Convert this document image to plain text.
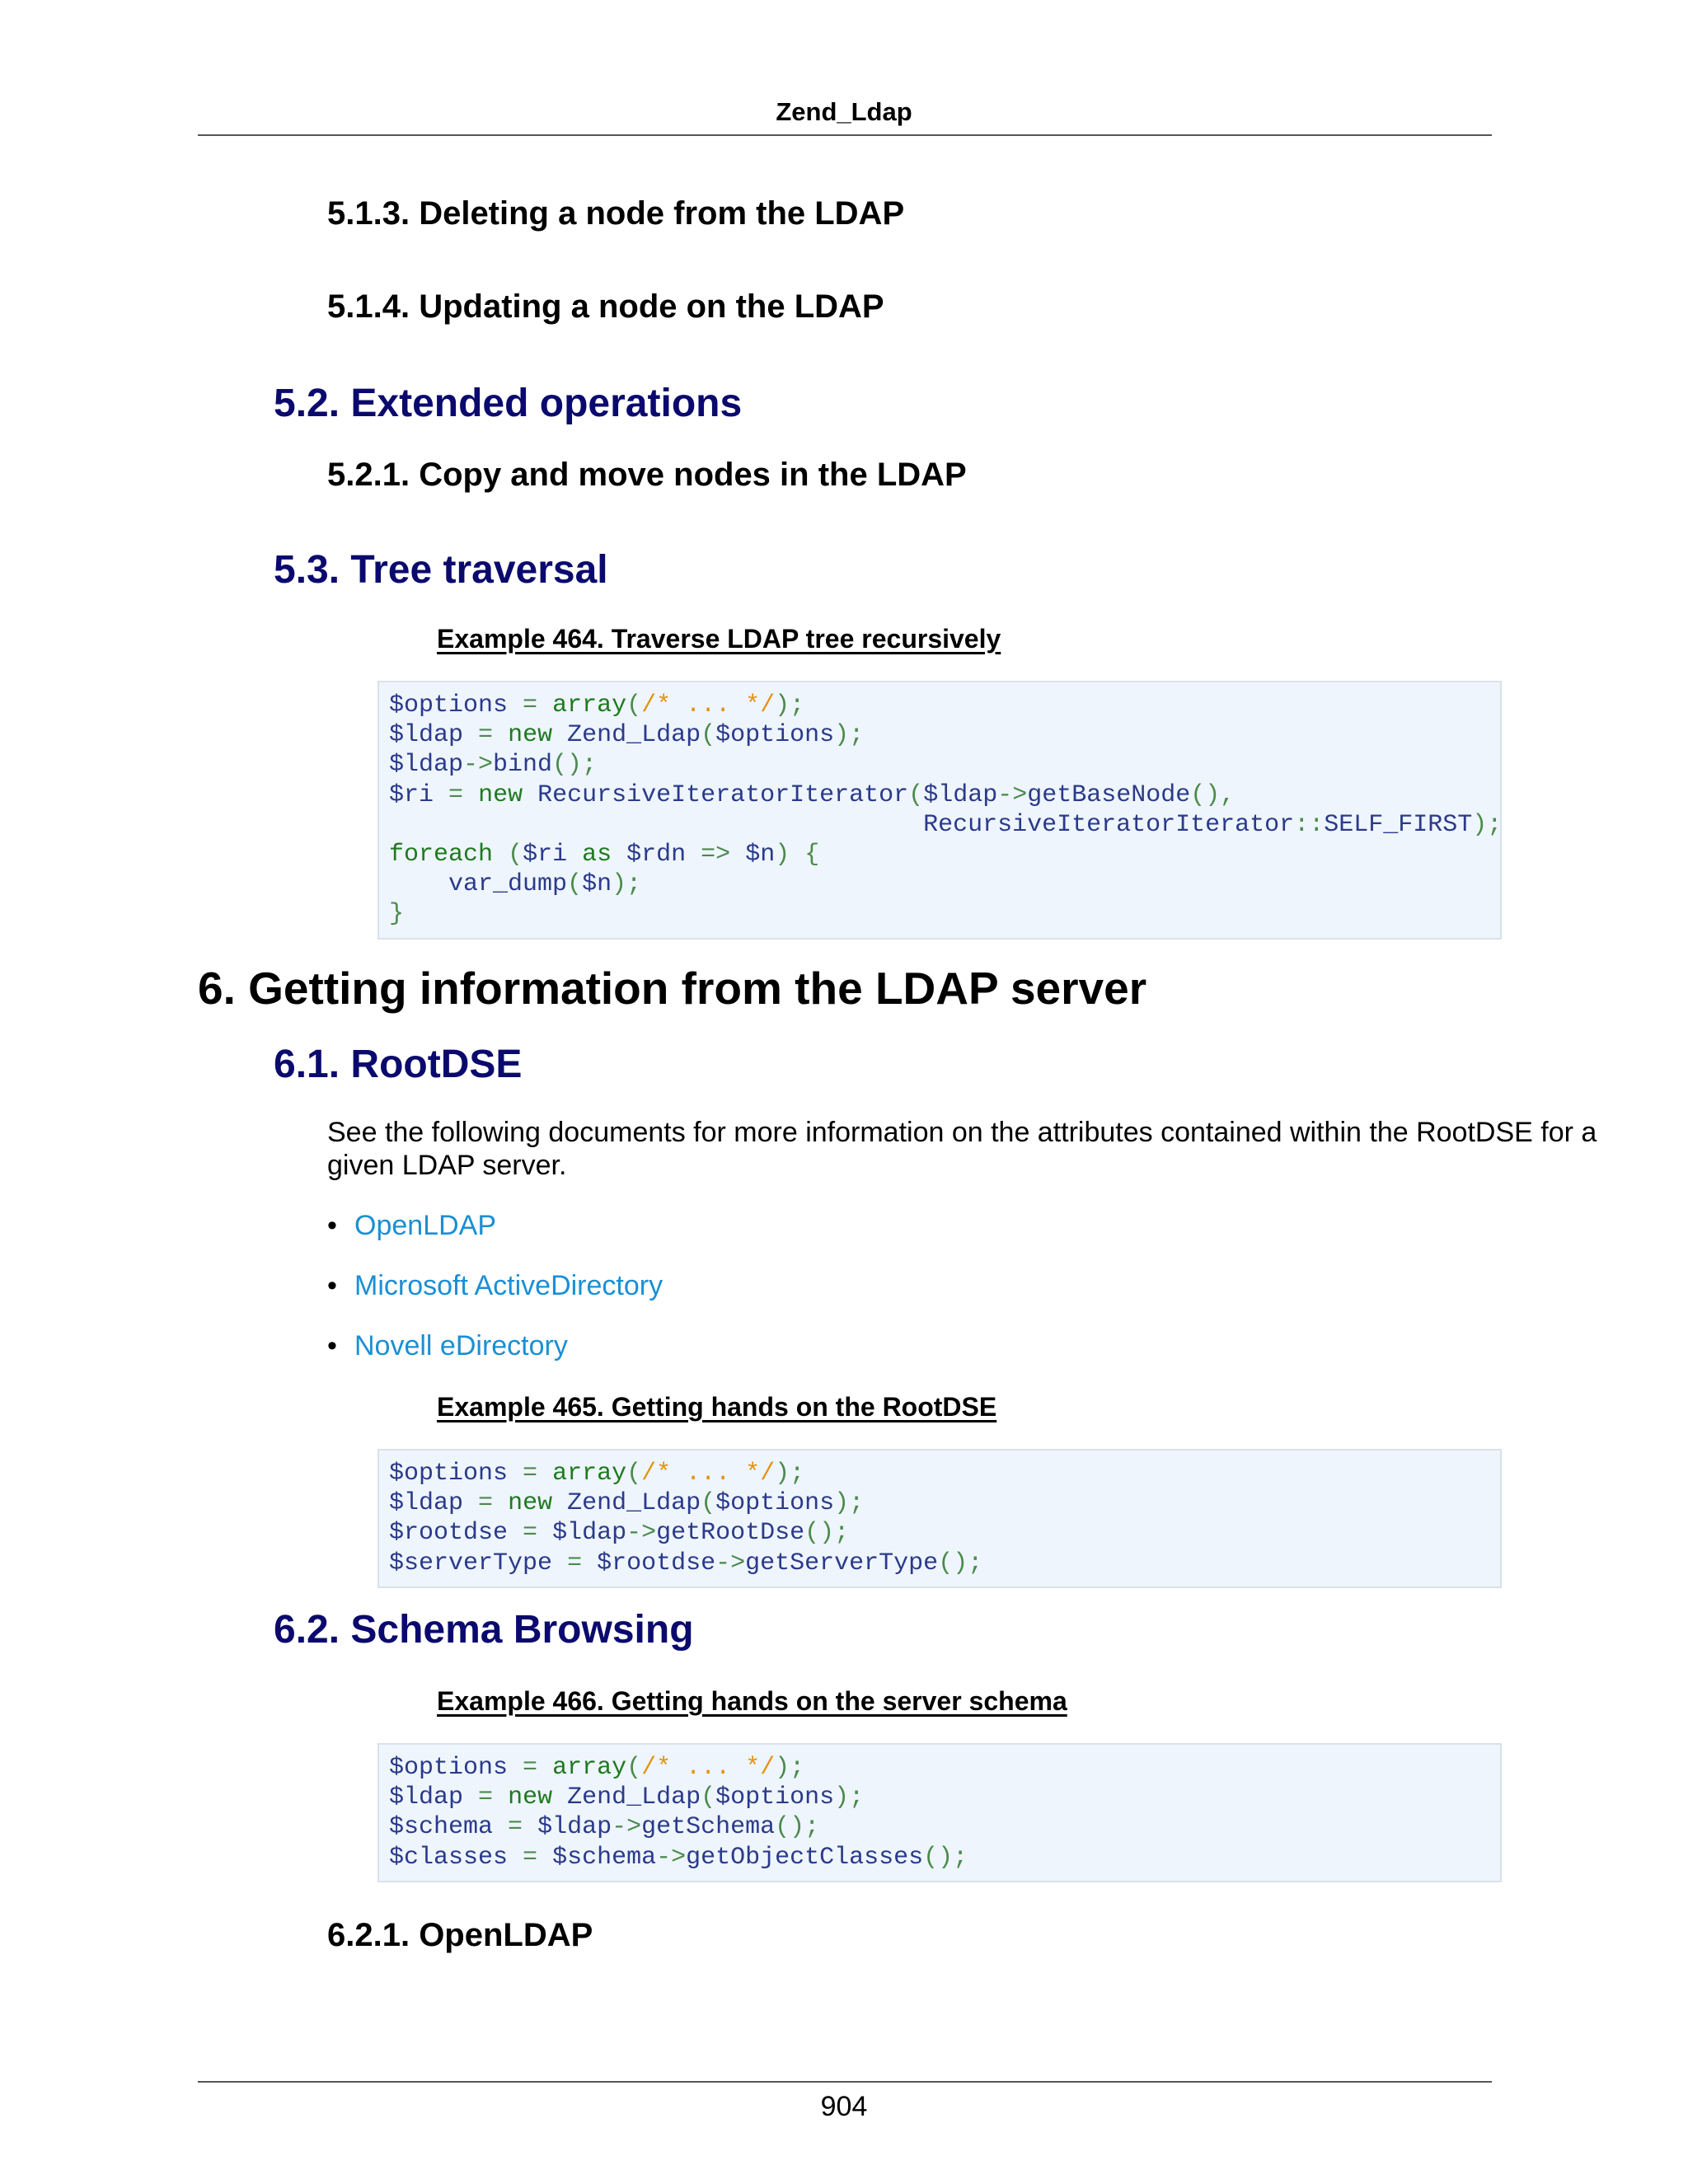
Zend_Ldap
5.1.3. Deleting a node from the LDAP
5.1.4. Updating a node on the LDAP
5.2. Extended operations
5.2.1. Copy and move nodes in the LDAP
5.3. Tree traversal
Example 464. Traverse LDAP tree recursively
$options = array(/* ... */);
$ldap = new Zend_Ldap($options);
$ldap->bind();
$ri = new RecursiveIteratorIterator($ldap->getBaseNode(),
RecursiveIteratorIterator::SELF_FIRST);
foreach ($ri as $rdn => $n) {
var_dump($n);
}
6. Getting information from the LDAP server
6.1. RootDSE
See the following documents for more information on the attributes contained within the RootDSE for a given LDAP server.
• OpenLDAP
• Microsoft ActiveDirectory
• Novell eDirectory
Example 465. Getting hands on the RootDSE
$options = array(/* ... */);
$ldap = new Zend_Ldap($options);
$rootdse = $ldap->getRootDse();
$serverType = $rootdse->getServerType();
6.2. Schema Browsing
Example 466. Getting hands on the server schema
$options = array(/* ... */);
$ldap = new Zend_Ldap($options);
$schema = $ldap->getSchema();
$classes = $schema->getObjectClasses();
6.2.1. OpenLDAP
904
